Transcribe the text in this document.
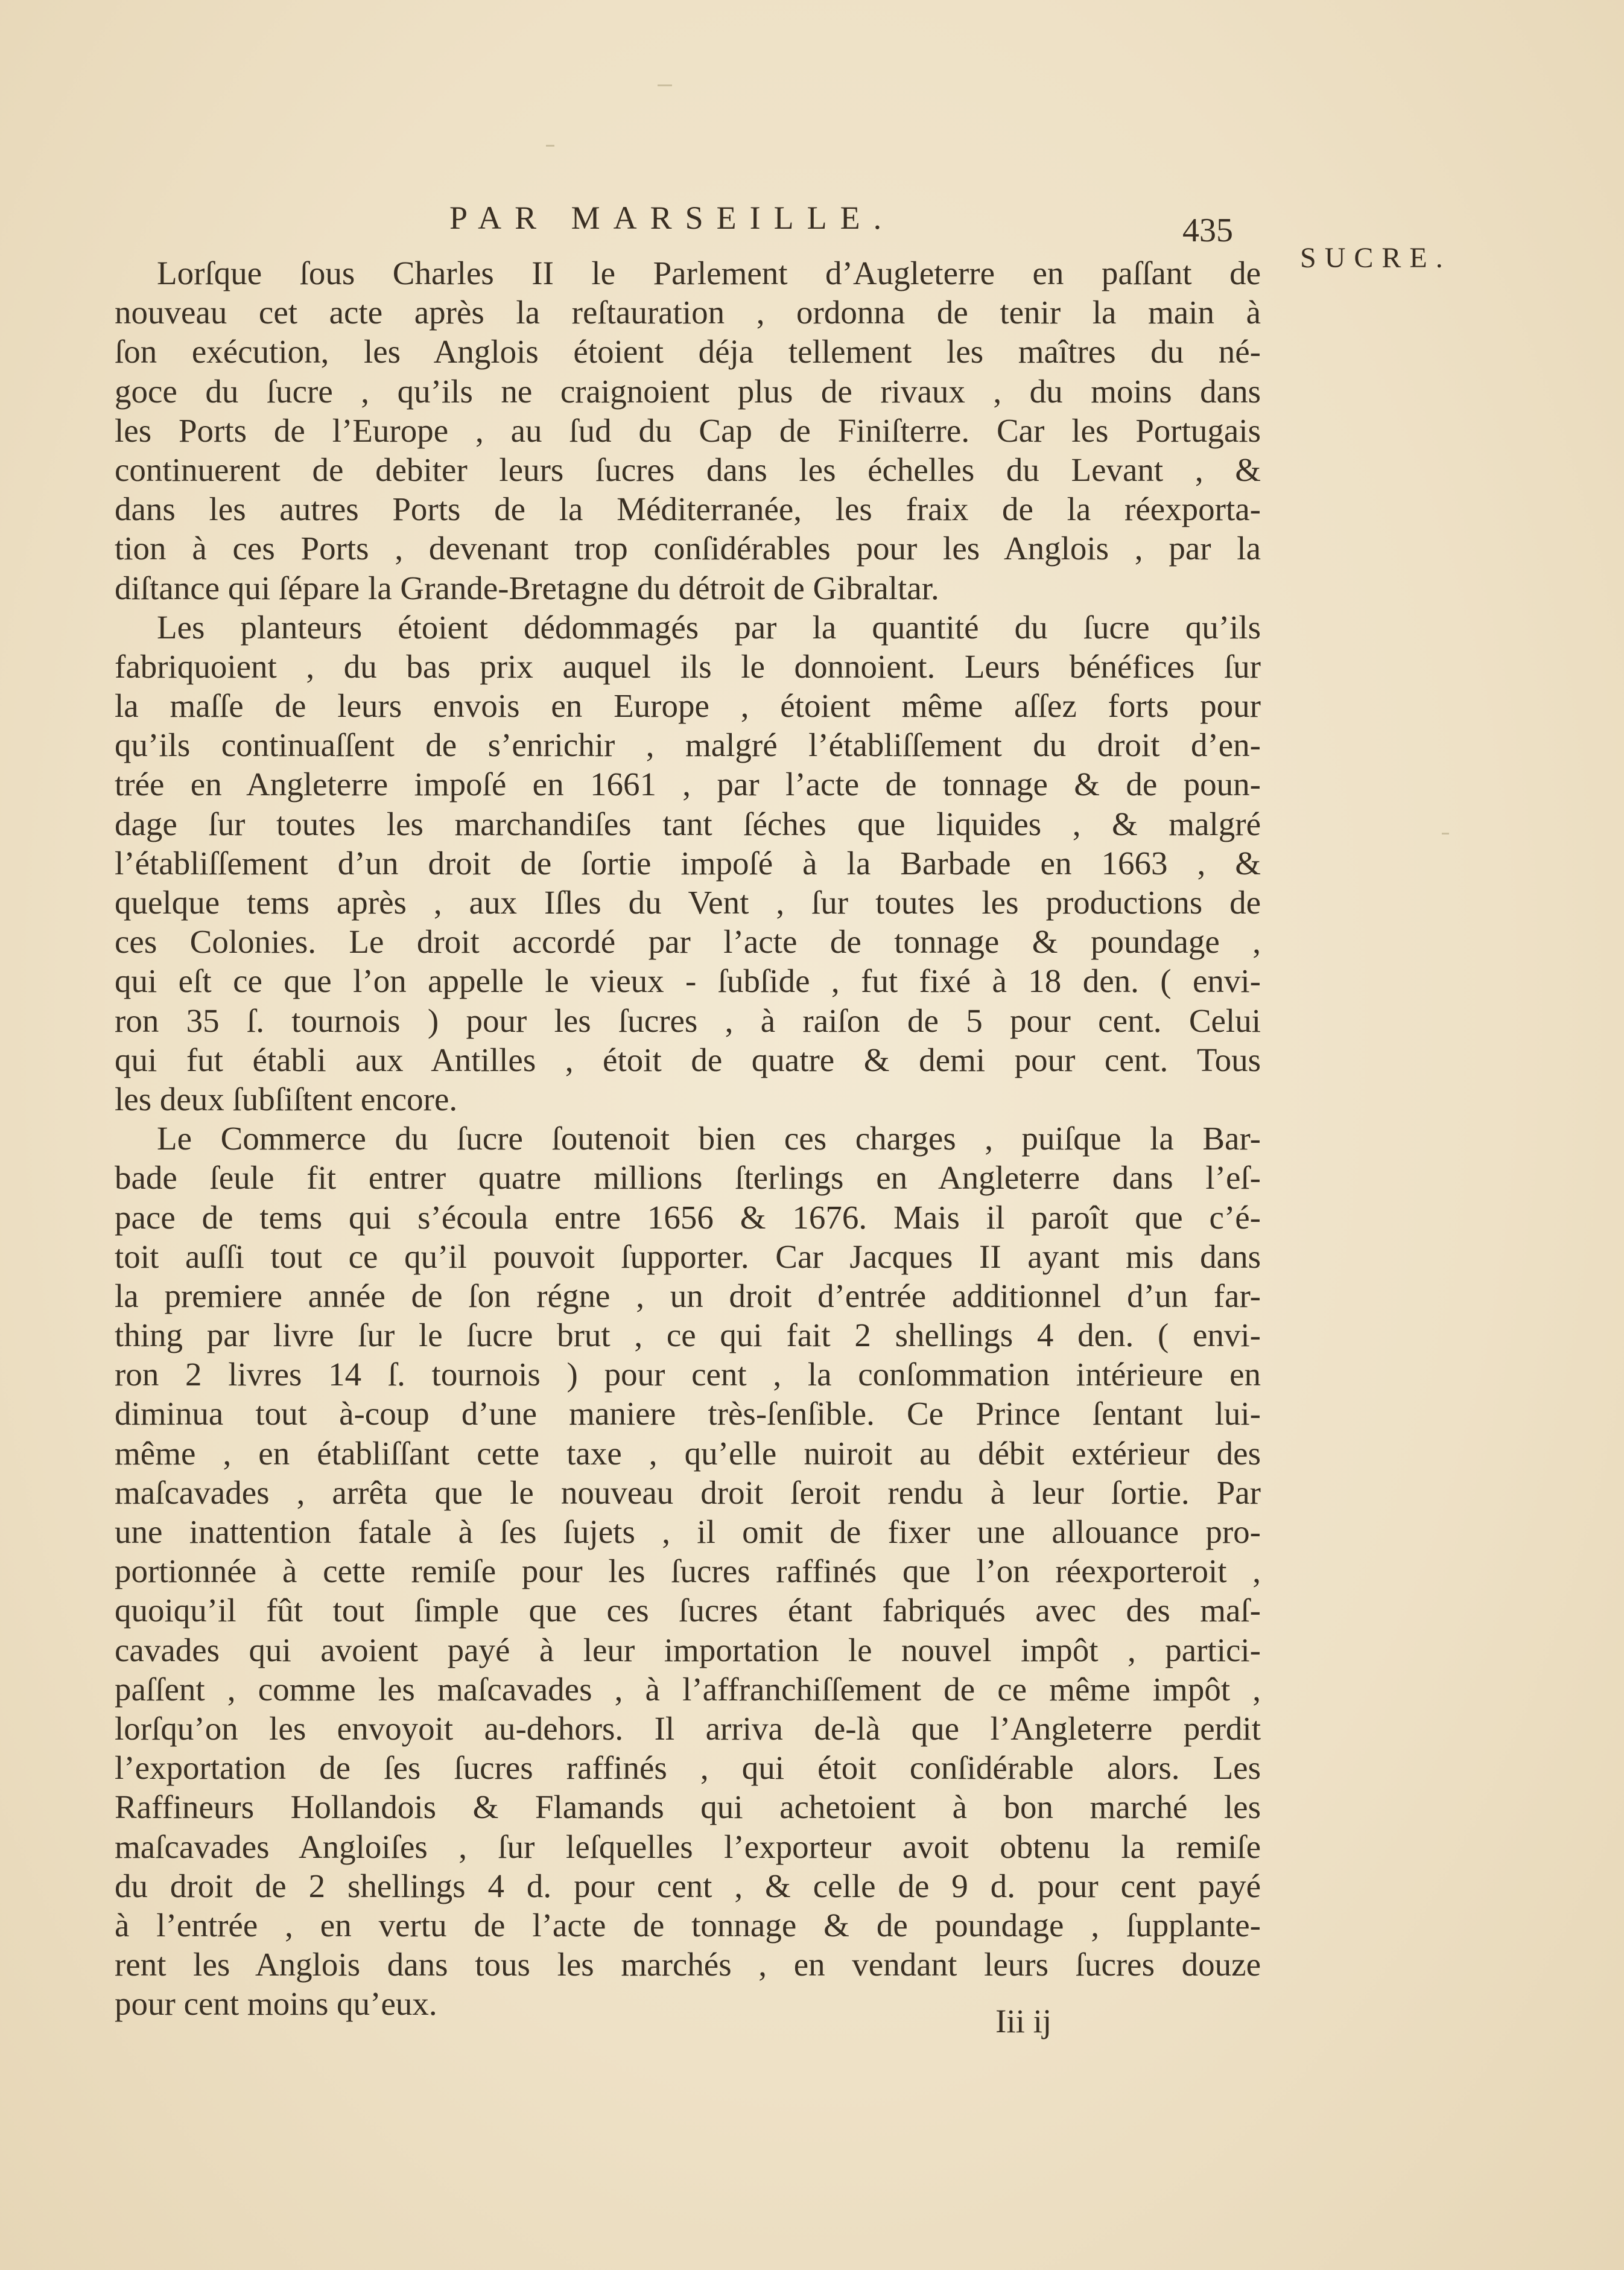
PAR MARSEILLE.	435
SUCRE.
Lorſque ſous Charles II le Parlement d’Augleterre en paſſant de
nouveau cet acte après la reſtauration , ordonna de tenir la main à
ſon exécution, les Anglois étoient déja tellement les maîtres du né-
goce du ſucre , qu’ils ne craignoient plus de rivaux , du moins dans
les Ports de l’Europe , au ſud du Cap de Finiſterre. Car les Portugais
continuerent de debiter leurs ſucres dans les échelles du Levant , &
dans les autres Ports de la Méditerranée, les fraix de la réexporta-
tion à ces Ports , devenant trop conſidérables pour les Anglois , par la
diſtance qui ſépare la Grande-Bretagne du détroit de Gibraltar.
Les planteurs étoient dédommagés par la quantité du ſucre qu’ils
fabriquoient , du bas prix auquel ils le donnoient. Leurs bénéfices ſur
la maſſe de leurs envois en Europe , étoient même aſſez forts pour
qu’ils continuaſſent de s’enrichir , malgré l’établiſſement du droit d’en-
trée en Angleterre impoſé en 1661 , par l’acte de tonnage & de poun-
dage ſur toutes les marchandiſes tant ſéches que liquides , & malgré
l’établiſſement d’un droit de ſortie impoſé à la Barbade en 1663 , &
quelque tems après , aux Iſles du Vent , ſur toutes les productions de
ces Colonies. Le droit accordé par l’acte de tonnage & poundage ,
qui eſt ce que l’on appelle le vieux - ſubſide , fut fixé à 18 den. ( envi-
ron 35 ſ. tournois ) pour les ſucres , à raiſon de 5 pour cent. Celui
qui fut établi aux Antilles , étoit de quatre & demi pour cent. Tous
les deux ſubſiſtent encore.
Le Commerce du ſucre ſoutenoit bien ces charges , puiſque la Bar-
bade ſeule fit entrer quatre millions ſterlings en Angleterre dans l’eſ-
pace de tems qui s’écoula entre 1656 & 1676. Mais il paroît que c’é-
toit auſſi tout ce qu’il pouvoit ſupporter. Car Jacques II ayant mis dans
la premiere année de ſon régne , un droit d’entrée additionnel d’un far-
thing par livre ſur le ſucre brut , ce qui fait 2 shellings 4 den. ( envi-
ron 2 livres 14 ſ. tournois ) pour cent , la conſommation intérieure en
diminua tout à-coup d’une maniere très-ſenſible. Ce Prince ſentant lui-
même , en établiſſant cette taxe , qu’elle nuiroit au débit extérieur des
maſcavades , arrêta que le nouveau droit ſeroit rendu à leur ſortie. Par
une inattention fatale à ſes ſujets , il omit de fixer une allouance pro-
portionnée à cette remiſe pour les ſucres raffinés que l’on réexporteroit ,
quoiqu’il fût tout ſimple que ces ſucres étant fabriqués avec des maſ-
cavades qui avoient payé à leur importation le nouvel impôt , partici-
paſſent , comme les maſcavades , à l’affranchiſſement de ce même impôt ,
lorſqu’on les envoyoit au-dehors. Il arriva de-là que l’Angleterre perdit
l’exportation de ſes ſucres raffinés , qui étoit conſidérable alors. Les
Raffineurs Hollandois & Flamands qui achetoient à bon marché les
maſcavades Angloiſes , ſur leſquelles l’exporteur avoit obtenu la remiſe
du droit de 2 shellings 4 d. pour cent , & celle de 9 d. pour cent payé
à l’entrée , en vertu de l’acte de tonnage & de poundage , ſupplante-
rent les Anglois dans tous les marchés , en vendant leurs ſucres douze
pour cent moins qu’eux.	Iii ij
